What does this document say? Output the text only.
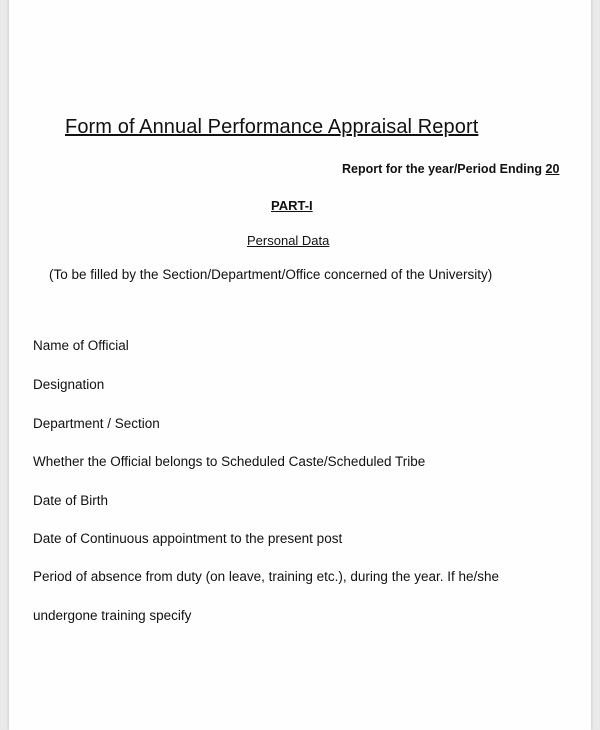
Form of Annual Performance Appraisal Report
Report for the year/Period Ending 20
PART-I
Personal Data
(To be filled by the Section/Department/Office concerned of the University)
Name of Official
Designation
Department / Section
Whether the Official belongs to Scheduled Caste/Scheduled Tribe
Date of Birth
Date of Continuous appointment to the present post
Period of absence from duty (on leave, training etc.), during the year. If he/she
undergone training specify
